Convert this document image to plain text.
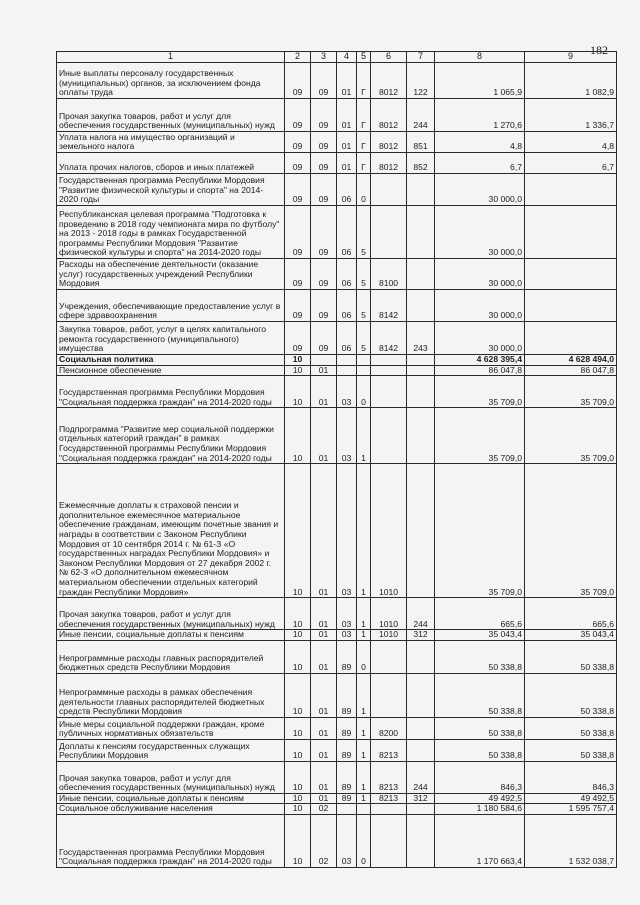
182
1	2	3	4	5	6	7	8	9
Иные выплаты персоналу государственных (муниципальных) органов, за исключением фонда оплаты труда	09	09	01	Г	8012	122	1 065,9	1 082,9
Прочая закупка товаров, работ и услуг для обеспечения государственных (муниципальных) нужд	09	09	01	Г	8012	244	1 270,6	1 336,7
Уплата налога на имущество организаций и земельного налога	09	09	01	Г	8012	851	4,8	4,8
Уплата прочих налогов, сборов и иных платежей	09	09	01	Г	8012	852	6,7	6,7
Государственная программа Республики Мордовия "Развитие физической культуры и спорта" на 2014-2020 годы	09	09	06	0			30 000,0	
Республиканская целевая программа "Подготовка к проведению в 2018 году чемпионата мира по футболу" на 2013 - 2018 годы в рамках Государственной программы Республики Мордовия "Развитие физической культуры и спорта" на 2014-2020 годы	09	09	06	5			30 000,0	
Расходы на обеспечение деятельности (оказание услуг) государственных учреждений Республики Мордовия	09	09	06	5	8100		30 000,0	
Учреждения, обеспечивающие предоставление услуг в сфере здравоохранения	09	09	06	5	8142		30 000,0	
Закупка товаров, работ, услуг в целях капитального ремонта государственного (муниципального) имущества	09	09	06	5	8142	243	30 000,0	
Социальная политика	10						4 628 395,4	4 628 494,0
Пенсионное обеспечение	10	01					86 047,8	86 047,8
Государственная программа Республики Мордовия "Социальная поддержка граждан" на 2014-2020 годы	10	01	03	0			35 709,0	35 709,0
Подпрограмма "Развитие мер социальной поддержки отдельных категорий граждан" в рамках Государственной программы Республики Мордовия "Социальная поддержка граждан" на 2014-2020 годы	10	01	03	1			35 709,0	35 709,0
Ежемесячные доплаты к страховой пенсии и дополнительное ежемесячное материальное обеспечение гражданам, имеющим почетные звания и награды в соответствии с Законом Республики Мордовия от 10 сентября 2014 г. № 61-З «О государственных наградах Республики Мордовия» и Законом Республики Мордовия от 27 декабря 2002 г. № 62-З «О дополнительном ежемесячном материальном обеспечении отдельных категорий граждан Республики Мордовия»	10	01	03	1	1010		35 709,0	35 709,0
Прочая закупка товаров, работ и услуг для обеспечения государственных (муниципальных) нужд	10	01	03	1	1010	244	665,6	665,6
Иные пенсии, социальные доплаты к пенсиям	10	01	03	1	1010	312	35 043,4	35 043,4
Непрограммные расходы главных распорядителей бюджетных средств Республики Мордовия	10	01	89	0			50 338,8	50 338,8
Непрограммные расходы в рамках обеспечения деятельности главных распорядителей бюджетных средств Республики Мордовия	10	01	89	1			50 338,8	50 338,8
Иные меры социальной поддержки граждан, кроме публичных нормативных обязательств	10	01	89	1	8200		50 338,8	50 338,8
Доплаты к пенсиям государственных служащих Республики Мордовия	10	01	89	1	8213		50 338,8	50 338,8
Прочая закупка товаров, работ и услуг для обеспечения государственных (муниципальных) нужд	10	01	89	1	8213	244	846,3	846,3
Иные пенсии, социальные доплаты к пенсиям	10	01	89	1	8213	312	49 492,5	49 492,5
Социальное обслуживание населения	10	02					1 180 584,6	1 595 757,4
Государственная программа Республики Мордовия "Социальная поддержка граждан" на 2014-2020 годы	10	02	03	0			1 170 663,4	1 532 038,7
